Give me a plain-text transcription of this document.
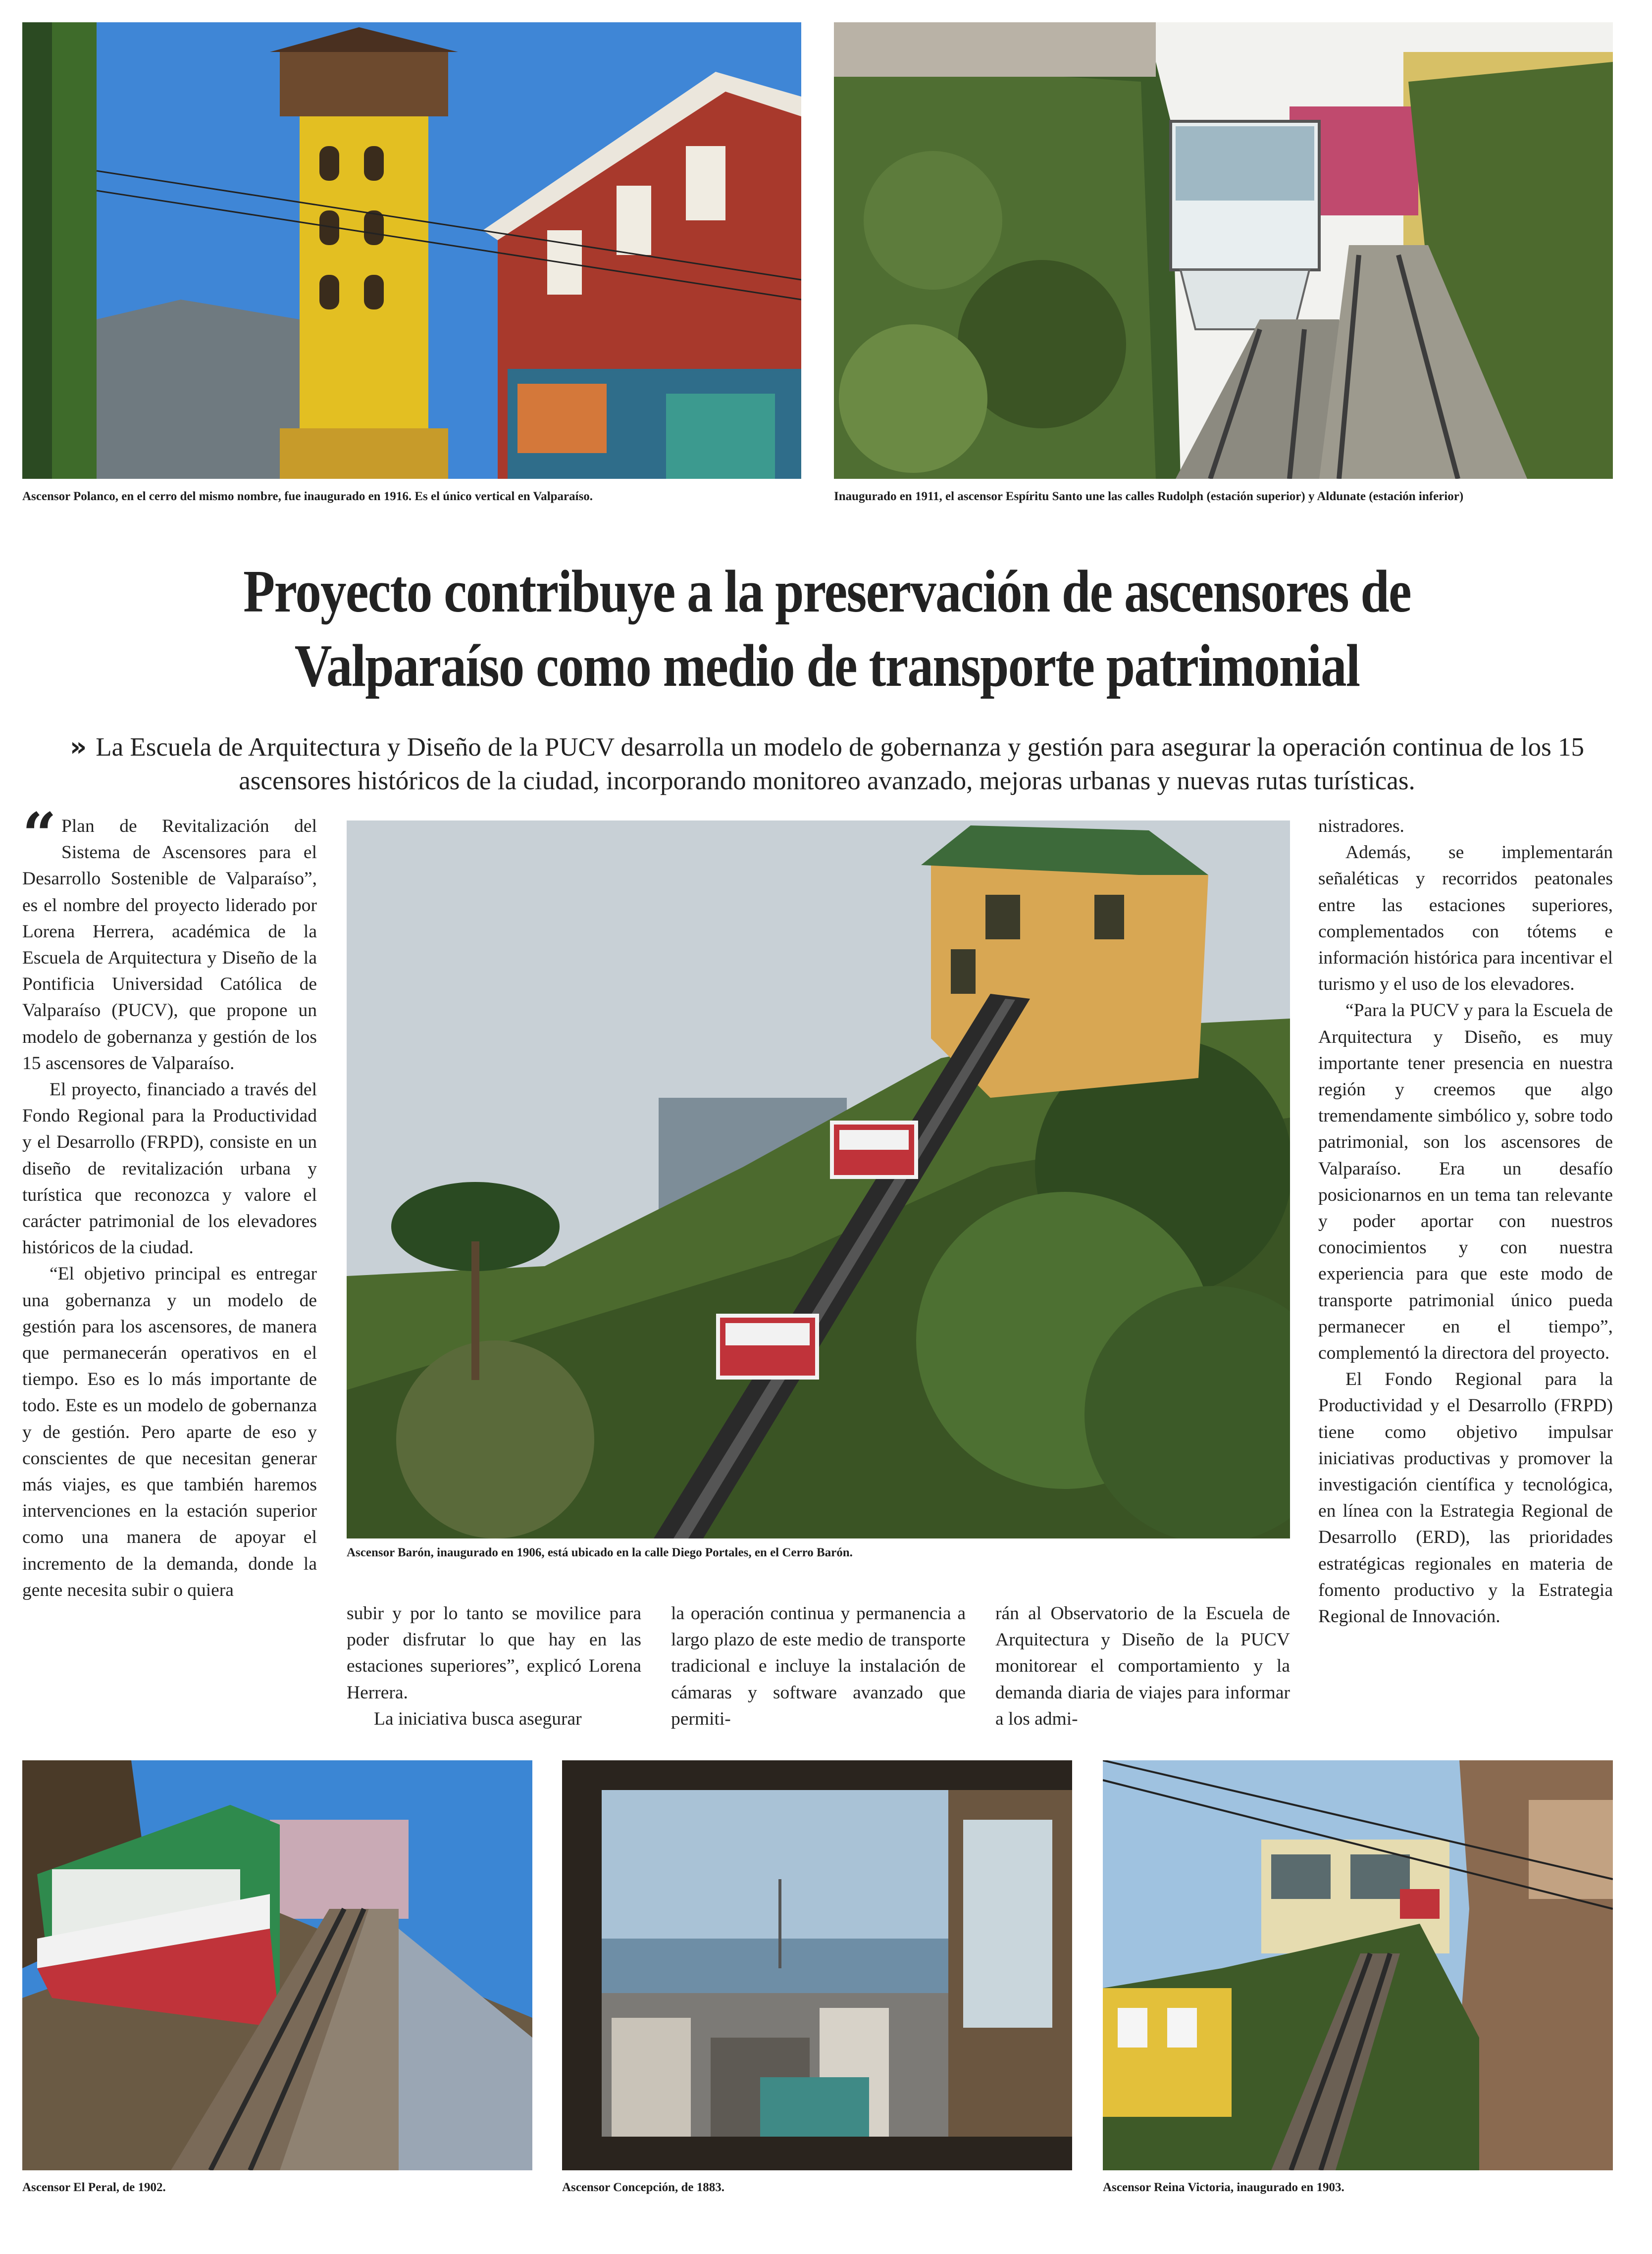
Ascensor Polanco, en el cerro del mismo nombre, fue inaugurado en 1916. Es el único vertical en Valparaíso.	Inaugurado en 1911, el ascensor Espíritu Santo une las calles Rudolph (estación superior) y Aldunate (estación inferior)
Proyecto contribuye a la preservación de ascensores de Valparaíso como medio de transporte patrimonial
» La Escuela de Arquitectura y Diseño de la PUCV desarrolla un modelo de gobernanza y gestión para asegurar la operación continua de los 15 ascensores históricos de la ciudad, incorporando monitoreo avanzado, mejoras urbanas y nuevas rutas turísticas.
“ Plan de Revitalización del Sistema de Ascensores para el Desarrollo Sostenible de Valparaíso”, es el nombre del proyecto liderado por Lorena Herrera, académica de la Escuela de Arquitectura y Diseño de la Pontificia Universidad Católica de Valparaíso (PUCV), que propone un modelo de gobernanza y gestión de los 15 ascensores de Valparaíso.

El proyecto, financiado a través del Fondo Regional para la Productividad y el Desarrollo (FRPD), consiste en un diseño de revitalización urbana y turística que reconozca y valore el carácter patrimonial de los elevadores históricos de la ciudad.

“El objetivo principal es entregar una gobernanza y un modelo de gestión para los ascensores, de manera que permanecerán operativos en el tiempo. Eso es lo más importante de todo. Este es un modelo de gobernanza y de gestión. Pero aparte de eso y conscientes de que necesitan generar más viajes, es que también haremos intervenciones en la estación superior como una manera de apoyar el incremento de la demanda, donde la gente necesita subir o quiera

Ascensor Barón, inaugurado en 1906, está ubicado en la calle Diego Portales, en el Cerro Barón.

subir y por lo tanto se movilice para poder disfrutar lo que hay en las estaciones superiores”, explicó Lorena Herrera.

La iniciativa busca asegurar

la operación continua y permanencia a largo plazo de este medio de transporte tradicional e incluye la instalación de cámaras y software avanzado que permiti-

rán al Observatorio de la Escuela de Arquitectura y Diseño de la PUCV monitorear el comportamiento y la demanda diaria de viajes para informar a los admi-

nistradores.

Además, se implementarán señaléticas y recorridos peatonales entre las estaciones superiores, complementados con tótems e información histórica para incentivar el turismo y el uso de los elevadores.

“Para la PUCV y para la Escuela de Arquitectura y Diseño, es muy importante tener presencia en nuestra región y creemos que algo tremendamente simbólico y, sobre todo patrimonial, son los ascensores de Valparaíso. Era un desafío posicionarnos en un tema tan relevante y poder aportar con nuestros conocimientos y con nuestra experiencia para que este modo de transporte patrimonial único pueda permanecer en el tiempo”, complementó la directora del proyecto.

El Fondo Regional para la Productividad y el Desarrollo (FRPD) tiene como objetivo impulsar iniciativas productivas y promover la investigación científica y tecnológica, en línea con la Estrategia Regional de Desarrollo (ERD), las prioridades estratégicas regionales en materia de fomento productivo y la Estrategia Regional de Innovación.

Ascensor El Peral, de 1902.	Ascensor Concepción, de 1883.	Ascensor Reina Victoria, inaugurado en 1903.
